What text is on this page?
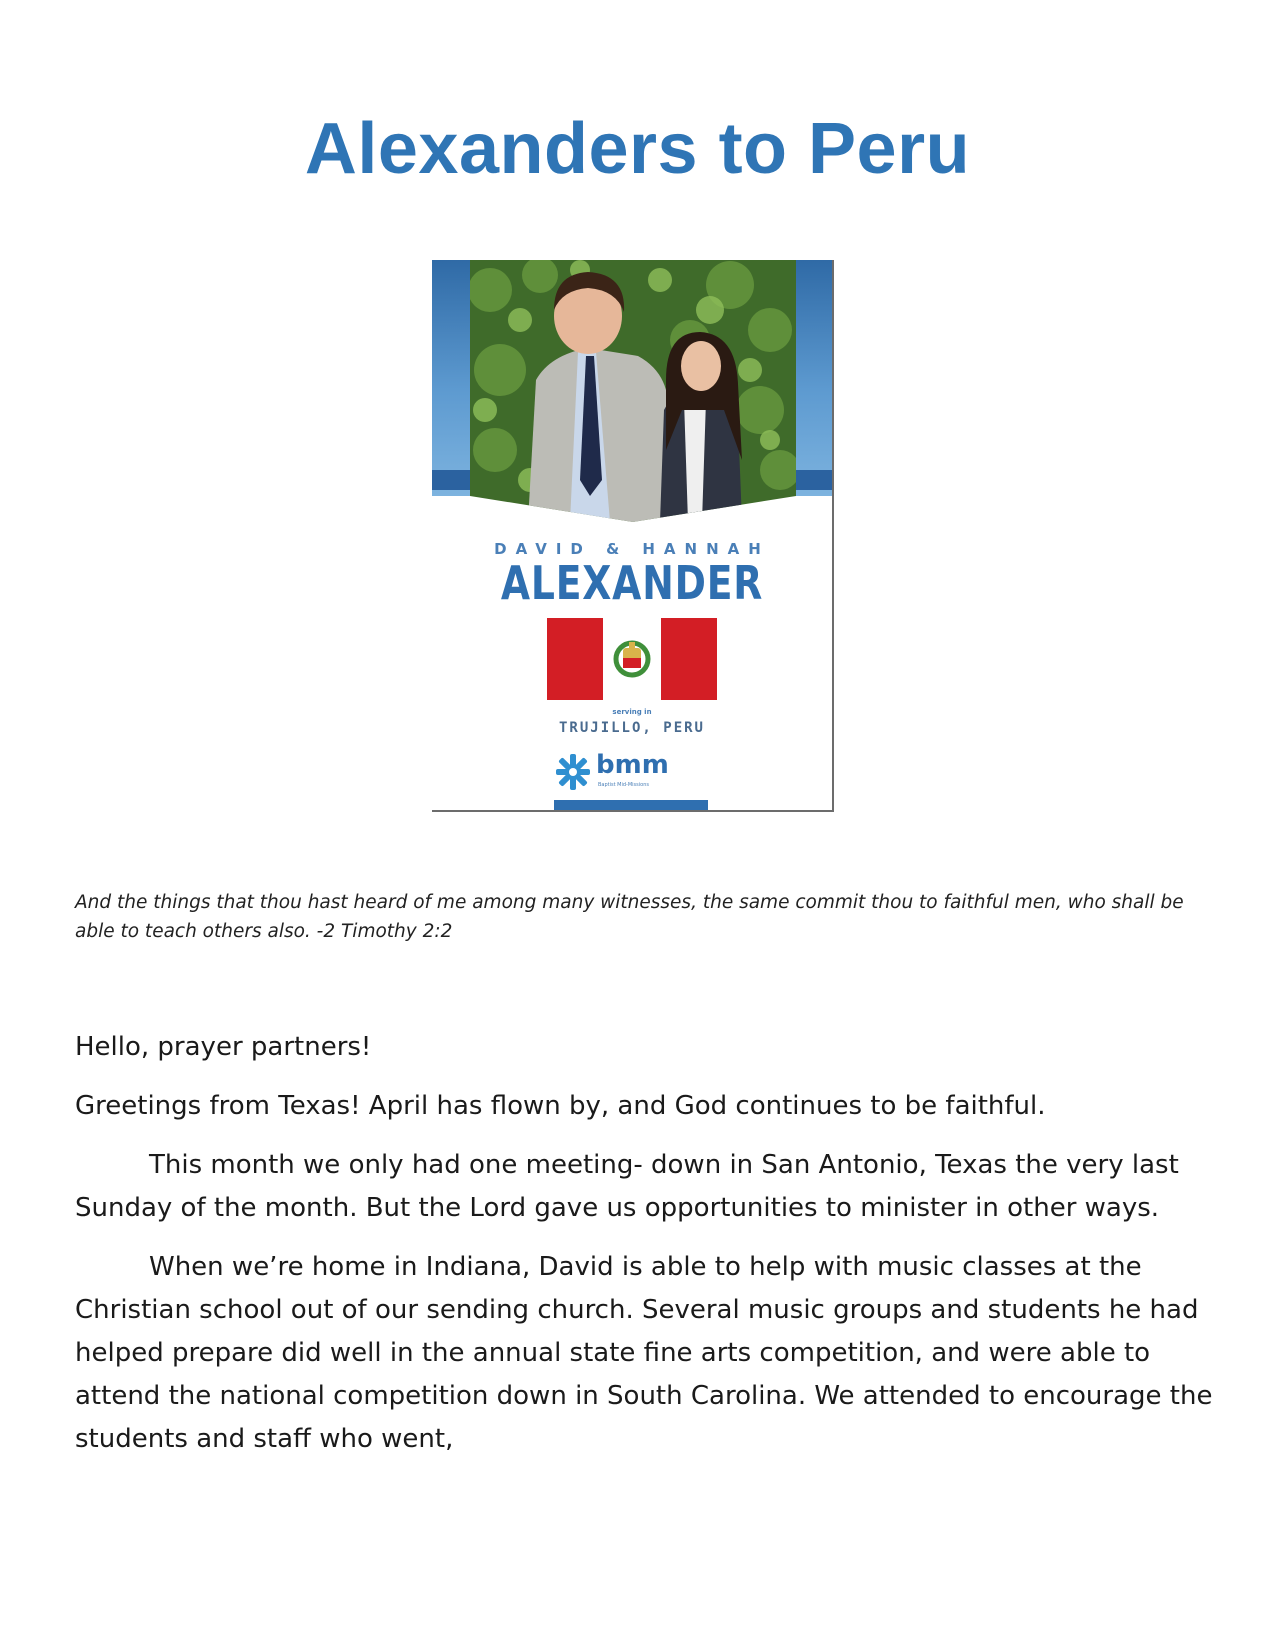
Alexanders to Peru
DAVID & HANNAH
ALEXANDER
serving in
TRUJILLO, PERU
bmm
Baptist Mid-Missions

And the things that thou hast heard of me among many witnesses, the same commit thou to faithful men, who shall be able to teach others also. -2 Timothy 2:2

Hello, prayer partners!

Greetings from Texas! April has flown by, and God continues to be faithful.

This month we only had one meeting- down in San Antonio, Texas the very last Sunday of the month. But the Lord gave us opportunities to minister in other ways.

When we’re home in Indiana, David is able to help with music classes at the Christian school out of our sending church. Several music groups and students he had helped prepare did well in the annual state fine arts competition, and were able to attend the national competition down in South Carolina. We attended to encourage the students and staff who went,
